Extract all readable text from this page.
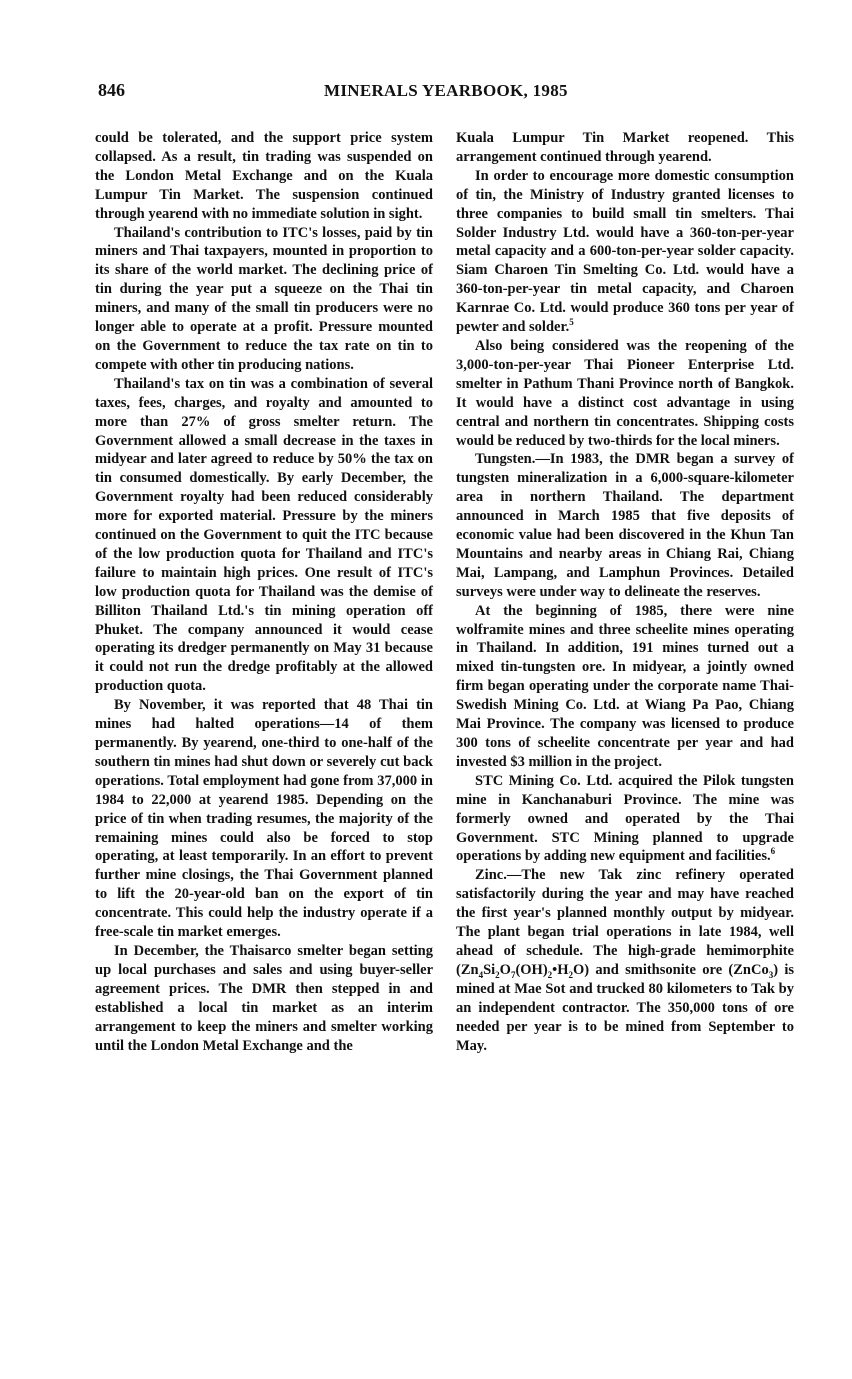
846	MINERALS YEARBOOK, 1985

could be tolerated, and the support price system collapsed. As a result, tin trading was suspended on the London Metal Exchange and on the Kuala Lumpur Tin Market. The suspension continued through yearend with no immediate solution in sight.

Thailand's contribution to ITC's losses, paid by tin miners and Thai taxpayers, mounted in proportion to its share of the world market. The declining price of tin during the year put a squeeze on the Thai tin miners, and many of the small tin producers were no longer able to operate at a profit. Pressure mounted on the Government to reduce the tax rate on tin to compete with other tin producing nations.

Thailand's tax on tin was a combination of several taxes, fees, charges, and royalty and amounted to more than 27% of gross smelter return. The Government allowed a small decrease in the taxes in midyear and later agreed to reduce by 50% the tax on tin consumed domestically. By early December, the Government royalty had been reduced considerably more for exported material. Pressure by the miners continued on the Government to quit the ITC because of the low production quota for Thailand and ITC's failure to maintain high prices. One result of ITC's low production quota for Thailand was the demise of Billiton Thailand Ltd.'s tin mining operation off Phuket. The company announced it would cease operating its dredger permanently on May 31 because it could not run the dredge profitably at the allowed production quota.

By November, it was reported that 48 Thai tin mines had halted operations—14 of them permanently. By yearend, one-third to one-half of the southern tin mines had shut down or severely cut back operations. Total employment had gone from 37,000 in 1984 to 22,000 at yearend 1985. Depending on the price of tin when trading resumes, the majority of the remaining mines could also be forced to stop operating, at least temporarily. In an effort to prevent further mine closings, the Thai Government planned to lift the 20-year-old ban on the export of tin concentrate. This could help the industry operate if a free-scale tin market emerges.

In December, the Thaisarco smelter began setting up local purchases and sales and using buyer-seller agreement prices. The DMR then stepped in and established a local tin market as an interim arrangement to keep the miners and smelter working until the London Metal Exchange and the

Kuala Lumpur Tin Market reopened. This arrangement continued through yearend.

In order to encourage more domestic consumption of tin, the Ministry of Industry granted licenses to three companies to build small tin smelters. Thai Solder Industry Ltd. would have a 360-ton-per-year metal capacity and a 600-ton-per-year solder capacity. Siam Charoen Tin Smelting Co. Ltd. would have a 360-ton-per-year tin metal capacity, and Charoen Karnrae Co. Ltd. would produce 360 tons per year of pewter and solder.$^5$

Also being considered was the reopening of the 3,000-ton-per-year Thai Pioneer Enterprise Ltd. smelter in Pathum Thani Province north of Bangkok. It would have a distinct cost advantage in using central and northern tin concentrates. Shipping costs would be reduced by two-thirds for the local miners.

Tungsten.—In 1983, the DMR began a survey of tungsten mineralization in a 6,000-square-kilometer area in northern Thailand. The department announced in March 1985 that five deposits of economic value had been discovered in the Khun Tan Mountains and nearby areas in Chiang Rai, Chiang Mai, Lampang, and Lamphun Provinces. Detailed surveys were under way to delineate the reserves.

At the beginning of 1985, there were nine wolframite mines and three scheelite mines operating in Thailand. In addition, 191 mines turned out a mixed tin-tungsten ore. In midyear, a jointly owned firm began operating under the corporate name Thai-Swedish Mining Co. Ltd. at Wiang Pa Pao, Chiang Mai Province. The company was licensed to produce 300 tons of scheelite concentrate per year and had invested $3 million in the project.

STC Mining Co. Ltd. acquired the Pilok tungsten mine in Kanchanaburi Province. The mine was formerly owned and operated by the Thai Government. STC Mining planned to upgrade operations by adding new equipment and facilities.$^6$

Zinc.—The new Tak zinc refinery operated satisfactorily during the year and may have reached the first year's planned monthly output by midyear. The plant began trial operations in late 1984, well ahead of schedule. The high-grade hemimorphite $(Zn_4Si_2O_7(OH)_2•H_2O)$ and smithsonite ore (ZnCo$_3$) is mined at Mae Sot and trucked 80 kilometers to Tak by an independent contractor. The 350,000 tons of ore needed per year is to be mined from September to May.
